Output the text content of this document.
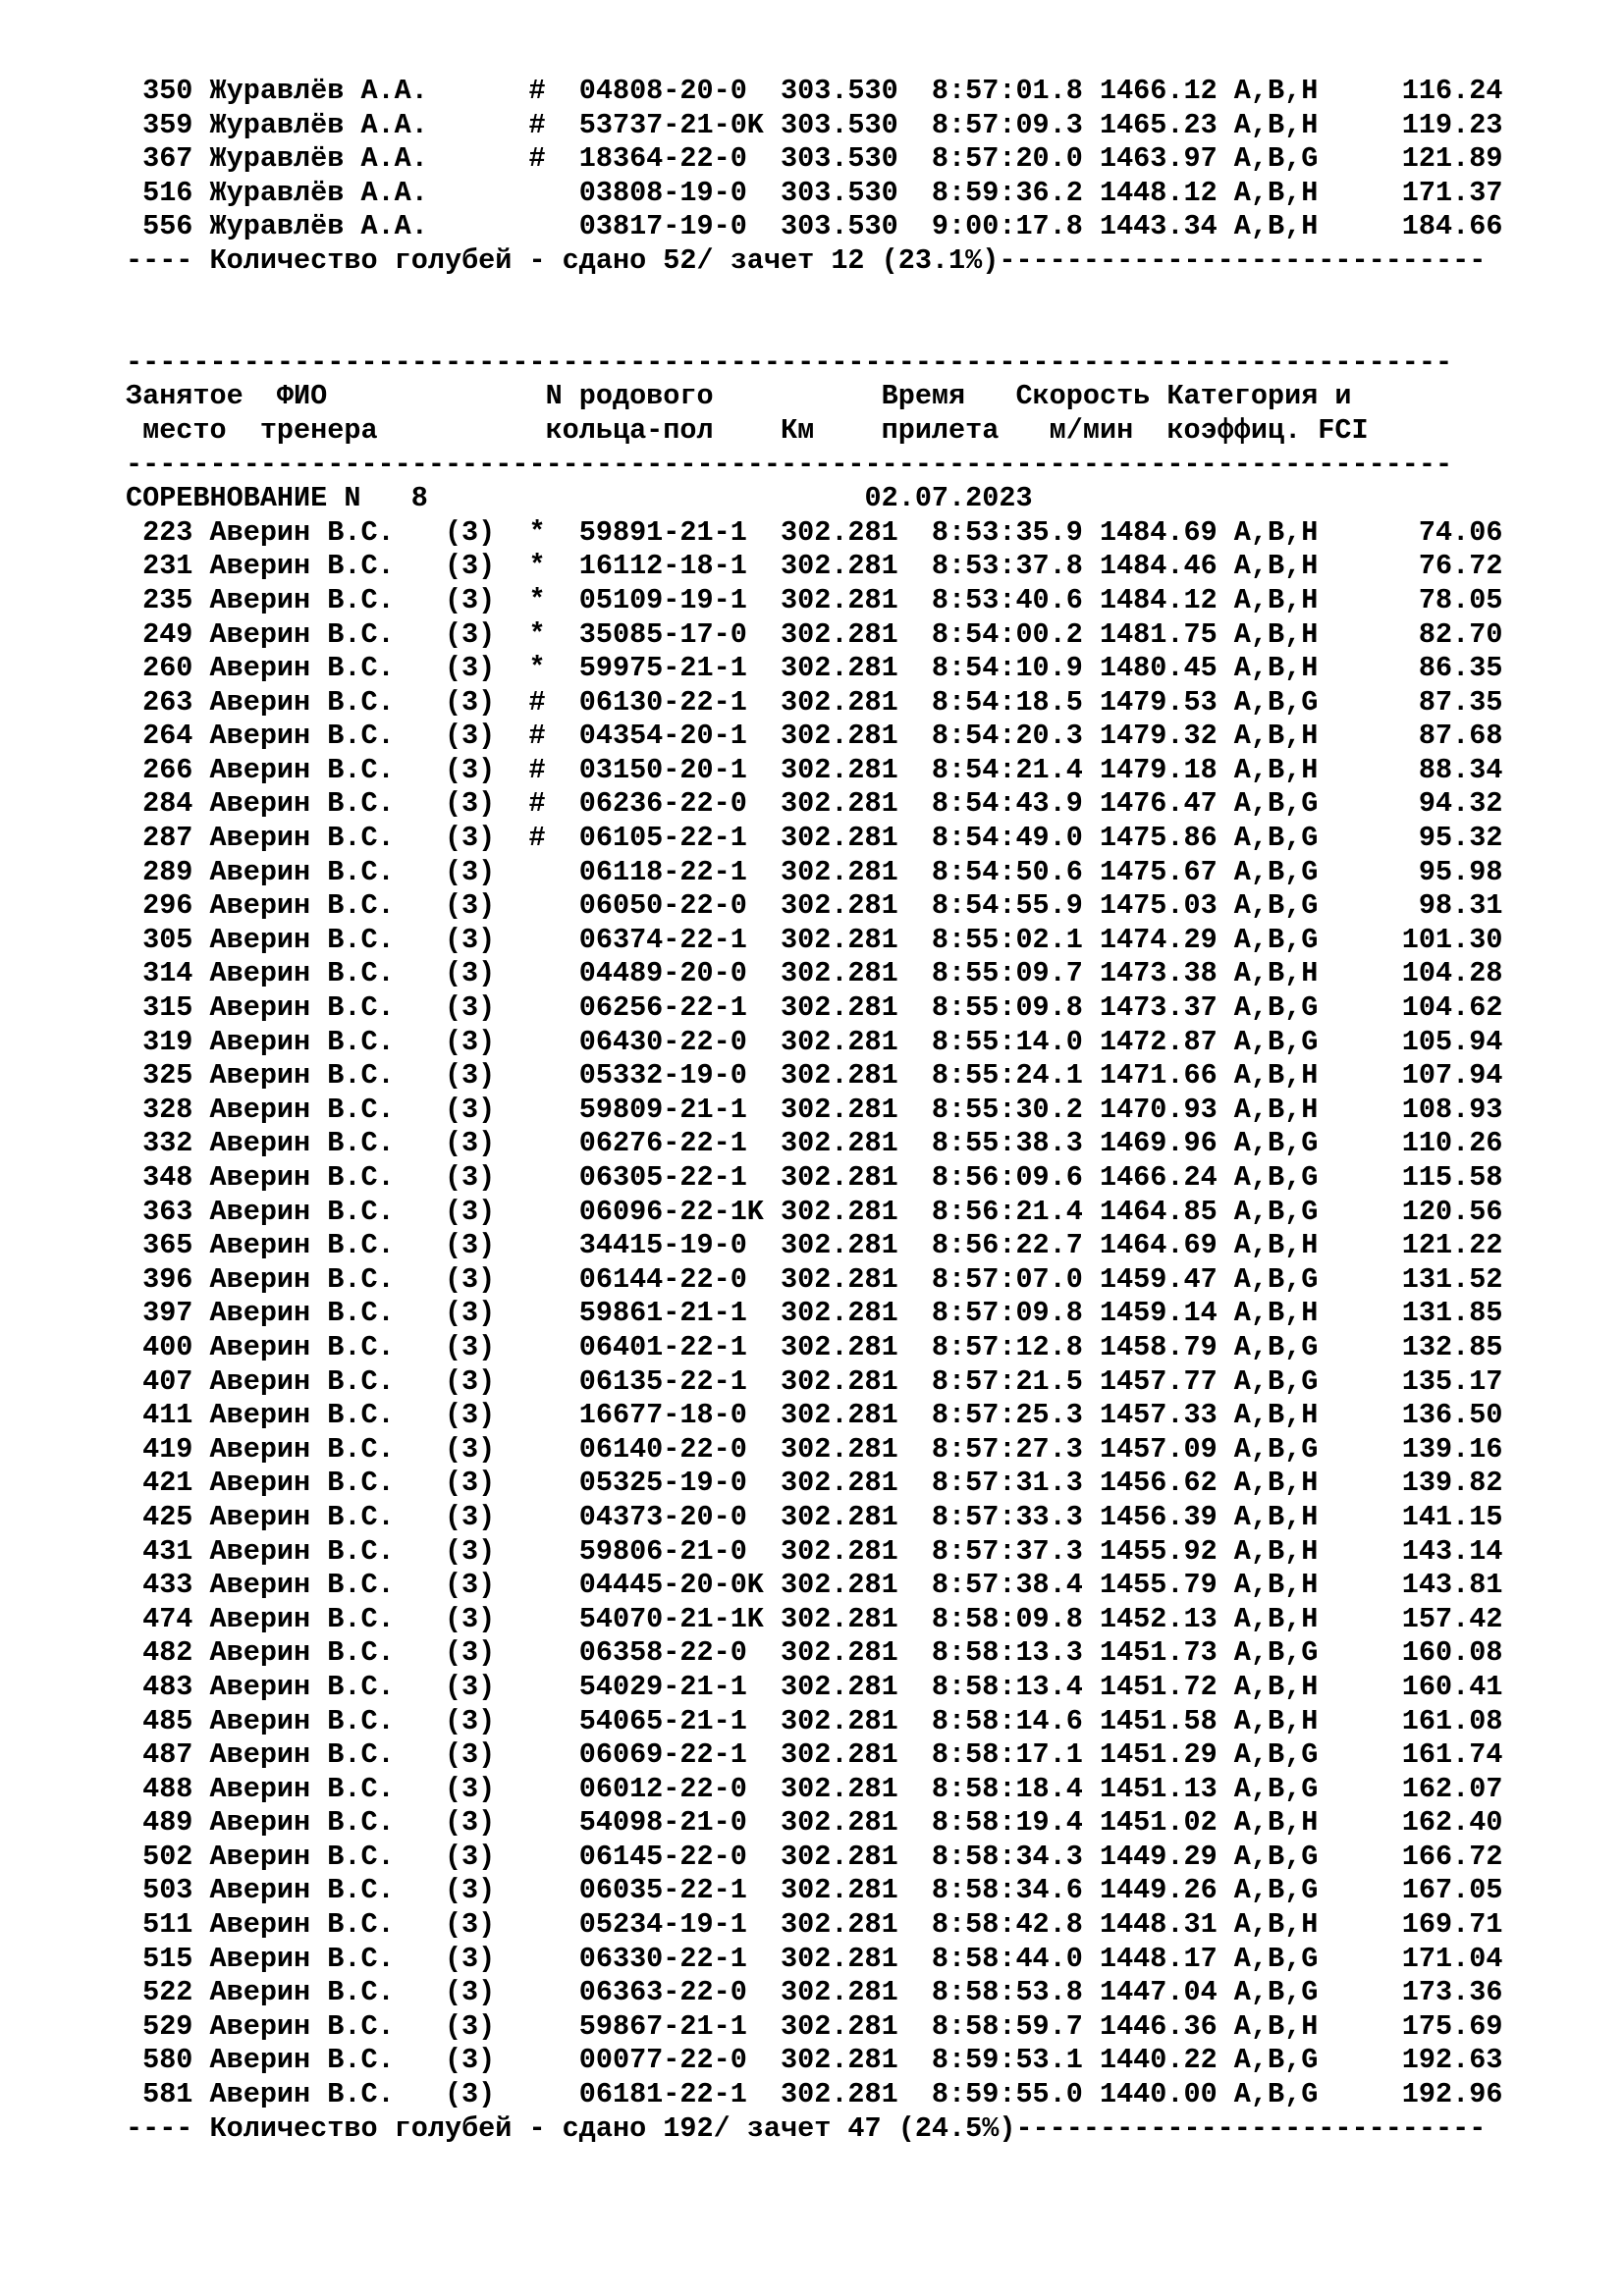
350 Журавлёв А.А.      #  04808-20-0  303.530  8:57:01.8 1466.12 A,B,H     116.24
359 Журавлёв А.А.      #  53737-21-0K 303.530  8:57:09.3 1465.23 A,B,H     119.23
367 Журавлёв А.А.      #  18364-22-0  303.530  8:57:20.0 1463.97 A,B,G     121.89
516 Журавлёв А.А.         03808-19-0  303.530  8:59:36.2 1448.12 A,B,H     171.37
556 Журавлёв А.А.         03817-19-0  303.530  9:00:17.8 1443.34 A,B,H     184.66
---- Количество голубей - сдано 52/ зачет 12 (23.1%)-----------------------------
-------------------------------------------------------------------------------
Занятое  ФИО             N родового          Время   Скорость Категория и
место  тренера          кольца-пол    Км    прилета   м/мин  коэффиц. FCI
-------------------------------------------------------------------------------
СОРЕВНОВАНИЕ N   8                          02.07.2023
223 Аверин В.С.   (3)  *  59891-21-1  302.281  8:53:35.9 1484.69 A,B,H      74.06
231 Аверин В.С.   (3)  *  16112-18-1  302.281  8:53:37.8 1484.46 A,B,H      76.72
235 Аверин В.С.   (3)  *  05109-19-1  302.281  8:53:40.6 1484.12 A,B,H      78.05
249 Аверин В.С.   (3)  *  35085-17-0  302.281  8:54:00.2 1481.75 A,B,H      82.70
260 Аверин В.С.   (3)  *  59975-21-1  302.281  8:54:10.9 1480.45 A,B,H      86.35
263 Аверин В.С.   (3)  #  06130-22-1  302.281  8:54:18.5 1479.53 A,B,G      87.35
264 Аверин В.С.   (3)  #  04354-20-1  302.281  8:54:20.3 1479.32 A,B,H      87.68
266 Аверин В.С.   (3)  #  03150-20-1  302.281  8:54:21.4 1479.18 A,B,H      88.34
284 Аверин В.С.   (3)  #  06236-22-0  302.281  8:54:43.9 1476.47 A,B,G      94.32
287 Аверин В.С.   (3)  #  06105-22-1  302.281  8:54:49.0 1475.86 A,B,G      95.32
289 Аверин В.С.   (3)     06118-22-1  302.281  8:54:50.6 1475.67 A,B,G      95.98
296 Аверин В.С.   (3)     06050-22-0  302.281  8:54:55.9 1475.03 A,B,G      98.31
305 Аверин В.С.   (3)     06374-22-1  302.281  8:55:02.1 1474.29 A,B,G     101.30
314 Аверин В.С.   (3)     04489-20-0  302.281  8:55:09.7 1473.38 A,B,H     104.28
315 Аверин В.С.   (3)     06256-22-1  302.281  8:55:09.8 1473.37 A,B,G     104.62
319 Аверин В.С.   (3)     06430-22-0  302.281  8:55:14.0 1472.87 A,B,G     105.94
325 Аверин В.С.   (3)     05332-19-0  302.281  8:55:24.1 1471.66 A,B,H     107.94
328 Аверин В.С.   (3)     59809-21-1  302.281  8:55:30.2 1470.93 A,B,H     108.93
332 Аверин В.С.   (3)     06276-22-1  302.281  8:55:38.3 1469.96 A,B,G     110.26
348 Аверин В.С.   (3)     06305-22-1  302.281  8:56:09.6 1466.24 A,B,G     115.58
363 Аверин В.С.   (3)     06096-22-1K 302.281  8:56:21.4 1464.85 A,B,G     120.56
365 Аверин В.С.   (3)     34415-19-0  302.281  8:56:22.7 1464.69 A,B,H     121.22
396 Аверин В.С.   (3)     06144-22-0  302.281  8:57:07.0 1459.47 A,B,G     131.52
397 Аверин В.С.   (3)     59861-21-1  302.281  8:57:09.8 1459.14 A,B,H     131.85
400 Аверин В.С.   (3)     06401-22-1  302.281  8:57:12.8 1458.79 A,B,G     132.85
407 Аверин В.С.   (3)     06135-22-1  302.281  8:57:21.5 1457.77 A,B,G     135.17
411 Аверин В.С.   (3)     16677-18-0  302.281  8:57:25.3 1457.33 A,B,H     136.50
419 Аверин В.С.   (3)     06140-22-0  302.281  8:57:27.3 1457.09 A,B,G     139.16
421 Аверин В.С.   (3)     05325-19-0  302.281  8:57:31.3 1456.62 A,B,H     139.82
425 Аверин В.С.   (3)     04373-20-0  302.281  8:57:33.3 1456.39 A,B,H     141.15
431 Аверин В.С.   (3)     59806-21-0  302.281  8:57:37.3 1455.92 A,B,H     143.14
433 Аверин В.С.   (3)     04445-20-0K 302.281  8:57:38.4 1455.79 A,B,H     143.81
474 Аверин В.С.   (3)     54070-21-1K 302.281  8:58:09.8 1452.13 A,B,H     157.42
482 Аверин В.С.   (3)     06358-22-0  302.281  8:58:13.3 1451.73 A,B,G     160.08
483 Аверин В.С.   (3)     54029-21-1  302.281  8:58:13.4 1451.72 A,B,H     160.41
485 Аверин В.С.   (3)     54065-21-1  302.281  8:58:14.6 1451.58 A,B,H     161.08
487 Аверин В.С.   (3)     06069-22-1  302.281  8:58:17.1 1451.29 A,B,G     161.74
488 Аверин В.С.   (3)     06012-22-0  302.281  8:58:18.4 1451.13 A,B,G     162.07
489 Аверин В.С.   (3)     54098-21-0  302.281  8:58:19.4 1451.02 A,B,H     162.40
502 Аверин В.С.   (3)     06145-22-0  302.281  8:58:34.3 1449.29 A,B,G     166.72
503 Аверин В.С.   (3)     06035-22-1  302.281  8:58:34.6 1449.26 A,B,G     167.05
511 Аверин В.С.   (3)     05234-19-1  302.281  8:58:42.8 1448.31 A,B,H     169.71
515 Аверин В.С.   (3)     06330-22-1  302.281  8:58:44.0 1448.17 A,B,G     171.04
522 Аверин В.С.   (3)     06363-22-0  302.281  8:58:53.8 1447.04 A,B,G     173.36
529 Аверин В.С.   (3)     59867-21-1  302.281  8:58:59.7 1446.36 A,B,H     175.69
580 Аверин В.С.   (3)     00077-22-0  302.281  8:59:53.1 1440.22 A,B,G     192.63
581 Аверин В.С.   (3)     06181-22-1  302.281  8:59:55.0 1440.00 A,B,G     192.96
---- Количество голубей - сдано 192/ зачет 47 (24.5%)----------------------------
